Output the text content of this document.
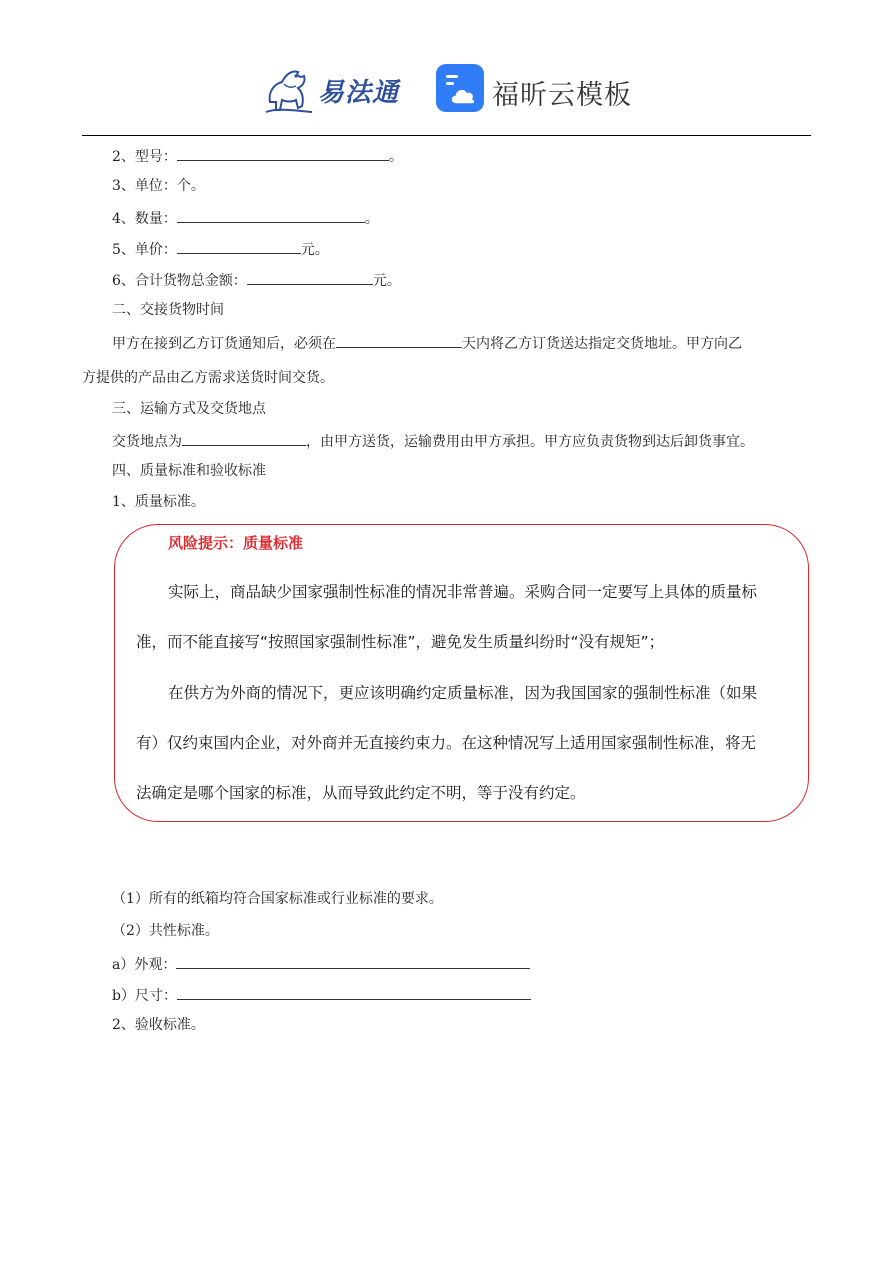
易法通	福昕云模板
2、型号：	。
3、单位：个。
4、数量：	。
5、单价：	元。
6、合计货物总金额：	元。
二、交接货物时间
甲方在接到乙方订货通知后，必须在	天内将乙方订货送达指定交货地址。甲方向乙
方提供的产品由乙方需求送货时间交货。
三、运输方式及交货地点
交货地点为	，由甲方送货，运输费用由甲方承担。甲方应负责货物到达后卸货事宜。
四、质量标准和验收标准
1、质量标准。
风险提示：质量标准
实际上，商品缺少国家强制性标准的情况非常普遍。采购合同一定要写上具体的质量标
准，而不能直接写“按照国家强制性标准”，避免发生质量纠纷时“没有规矩”；
在供方为外商的情况下，更应该明确约定质量标准，因为我国国家的强制性标准（如果
有）仅约束国内企业，对外商并无直接约束力。在这种情况写上适用国家强制性标准，将无
法确定是哪个国家的标准，从而导致此约定不明，等于没有约定。
（1）所有的纸箱均符合国家标准或行业标准的要求。
（2）共性标准。
a）外观：
b）尺寸：
2、验收标准。
